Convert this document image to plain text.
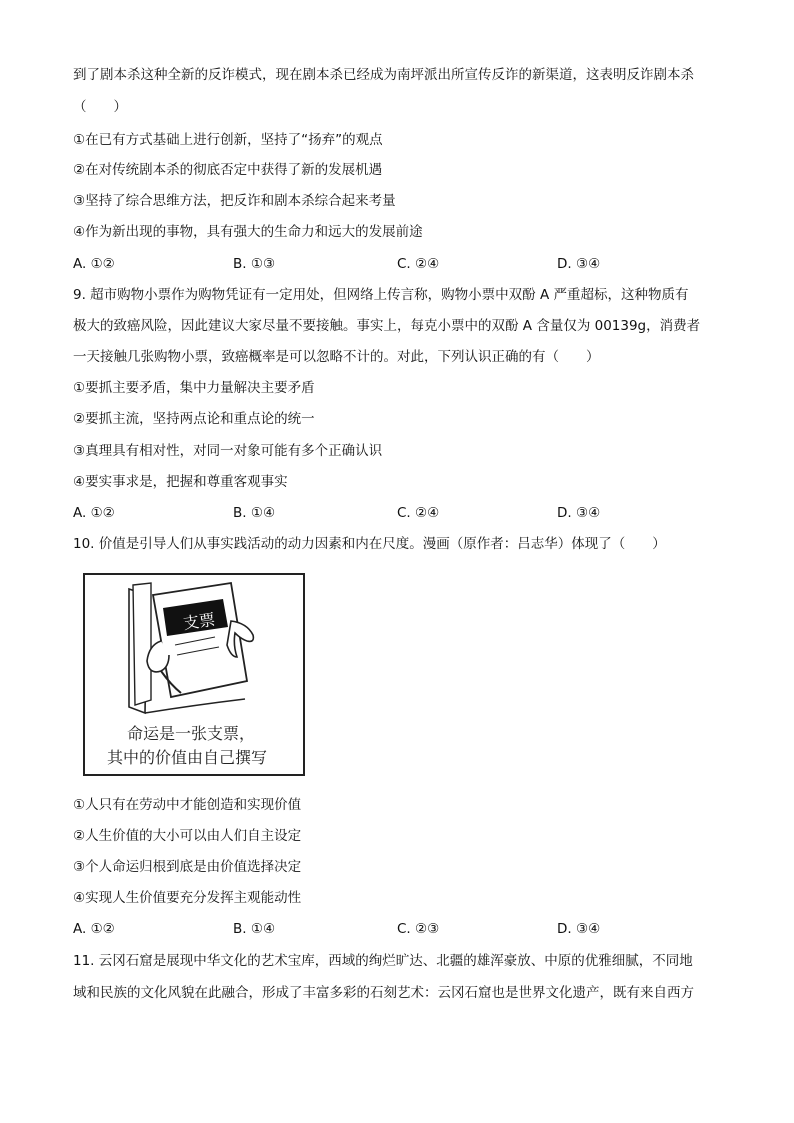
到了剧本杀这种全新的反诈模式，现在剧本杀已经成为南坪派出所宣传反诈的新渠道，这表明反诈剧本杀
（　　）
①在已有方式基础上进行创新，坚持了“扬弃”的观点
②在对传统剧本杀的彻底否定中获得了新的发展机遇
③坚持了综合思维方法，把反诈和剧本杀综合起来考量
④作为新出现的事物，具有强大的生命力和远大的发展前途
A. ①②	B. ①③	C. ②④	D. ③④
9. 超市购物小票作为购物凭证有一定用处，但网络上传言称，购物小票中双酚 A 严重超标，这种物质有
极大的致癌风险，因此建议大家尽量不要接触。事实上，每克小票中的双酚 A 含量仅为 00139g，消费者
一天接触几张购物小票，致癌概率是可以忽略不计的。对此，下列认识正确的有（　　）
①要抓主要矛盾，集中力量解决主要矛盾
②要抓主流，坚持两点论和重点论的统一
③真理具有相对性，对同一对象可能有多个正确认识
④要实事求是，把握和尊重客观事实
A. ①②	B. ①④	C. ②④	D. ③④
10. 价值是引导人们从事实践活动的动力因素和内在尺度。漫画（原作者：吕志华）体现了（　　）
支票
命运是一张支票，
其中的价值由自己撰写
①人只有在劳动中才能创造和实现价值
②人生价值的大小可以由人们自主设定
③个人命运归根到底是由价值选择决定
④实现人生价值要充分发挥主观能动性
A. ①②	B. ①④	C. ②③	D. ③④
11. 云冈石窟是展现中华文化的艺术宝库，西域的绚烂旷达、北疆的雄浑豪放、中原的优雅细腻，不同地
域和民族的文化风貌在此融合，形成了丰富多彩的石刻艺术：云冈石窟也是世界文化遗产，既有来自西方
